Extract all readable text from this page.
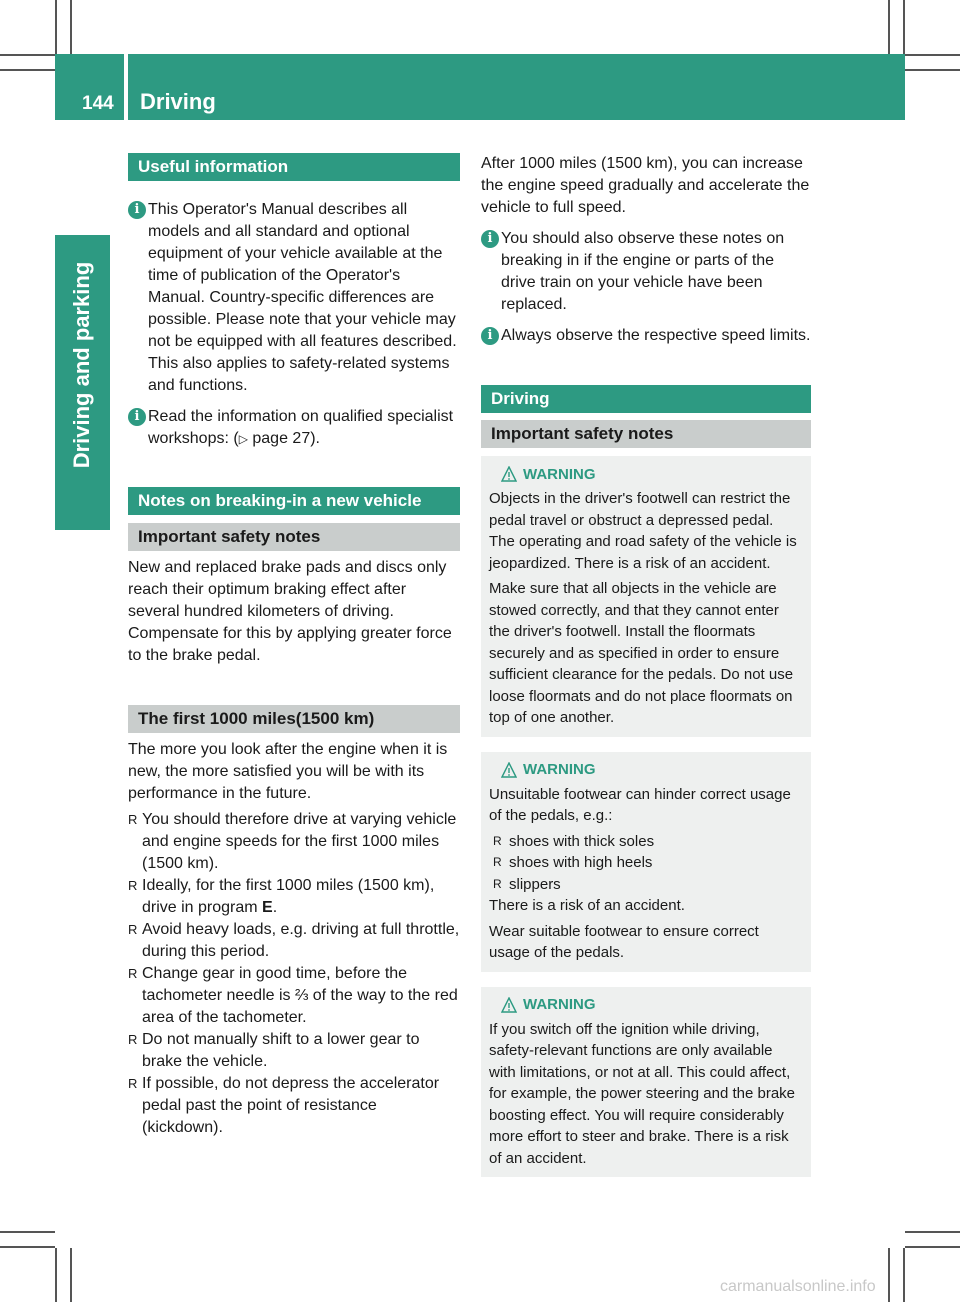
144 Driving
Driving and parking
Useful information
i This Operator's Manual describes all models and all standard and optional equipment of your vehicle available at the time of publication of the Operator's Manual. Country-specific differences are possible. Please note that your vehicle may not be equipped with all features described. This also applies to safety-related systems and functions.

i Read the information on qualified specialist workshops: (▷ page 27).

Notes on breaking-in a new vehicle
Important safety notes

New and replaced brake pads and discs only reach their optimum braking effect after several hundred kilometers of driving. Compensate for this by applying greater force to the brake pedal.

The first 1000 miles(1500 km)

The more you look after the engine when it is new, the more satisfied you will be with its performance in the future.

R You should therefore drive at varying vehicle and engine speeds for the first 1000 miles (1500 km).

R Ideally, for the first 1000 miles (1500 km), drive in program E.

R Avoid heavy loads, e.g. driving at full throttle, during this period.

R Change gear in good time, before the tachometer needle is ⅔ of the way to the red area of the tachometer.

R Do not manually shift to a lower gear to brake the vehicle.

R If possible, do not depress the accelerator pedal past the point of resistance (kickdown).

After 1000 miles (1500 km), you can increase the engine speed gradually and accelerate the vehicle to full speed.

i You should also observe these notes on breaking in if the engine or parts of the drive train on your vehicle have been replaced.

i Always observe the respective speed limits.

Driving
Important safety notes
WARNING

Objects in the driver's footwell can restrict the pedal travel or obstruct a depressed pedal. The operating and road safety of the vehicle is jeopardized. There is a risk of an accident.

Make sure that all objects in the vehicle are stowed correctly, and that they cannot enter the driver's footwell. Install the floormats securely and as specified in order to ensure sufficient clearance for the pedals. Do not use loose floormats and do not place floormats on top of one another.

WARNING

Unsuitable footwear can hinder correct usage of the pedals, e.g.:

R shoes with thick soles

R shoes with high heels

R slippers

There is a risk of an accident.

Wear suitable footwear to ensure correct usage of the pedals.

WARNING

If you switch off the ignition while driving, safety-relevant functions are only available with limitations, or not at all. This could affect, for example, the power steering and the brake boosting effect. You will require considerably more effort to steer and brake. There is a risk of an accident.

carmanualsonline.info
